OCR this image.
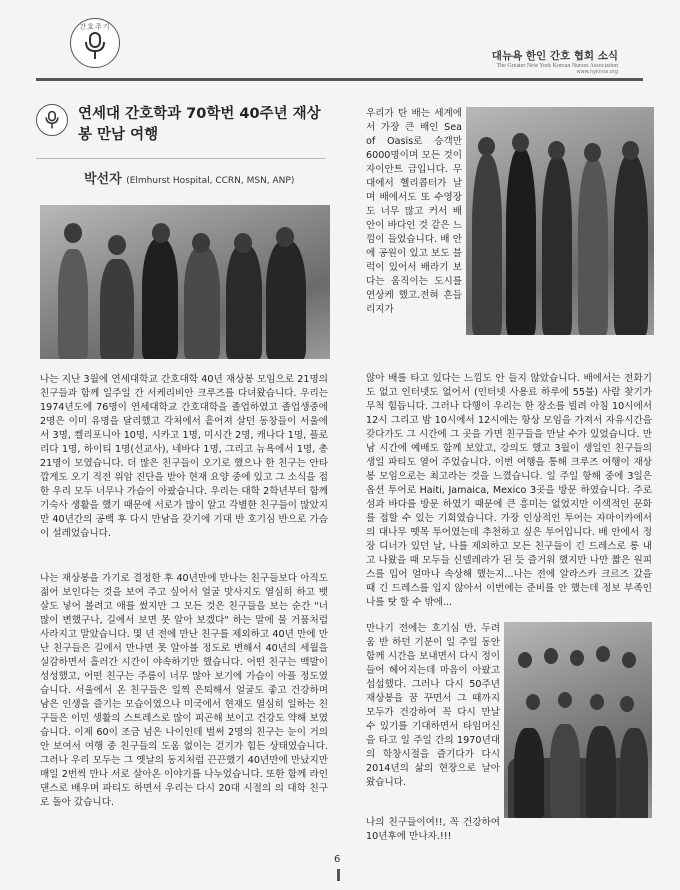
간호주기
대뉴욕 한인 간호 협회 소식
The Greater New York Korean Nurses Association
www.nyknna.org
연세대 간호학과 70학번 40주년 재상봉 만남 여행
박선자 (Elmhurst Hospital, CCRN, MSN, ANP)

나는 지난 3월에 연세대학교 간호대학 40년 재상봉 모임으로 21명의 친구들과 함께 일주일 간 서케리비안 크루즈를 다녀왔습니다. 우리는 1974년도에 76명이 연세대학교 간호대학을 졸업하였고 졸업생중에 2명은 이미 유명을 달리했고 각처에서 흩어져 살던 동창들이 서울에서 3명, 켈리포니아 10명, 시카고 1명, 미시간 2명, 캐나다 1명, 플로리다 1명, 하이티 1명(선교사), 네바다 1명, 그리고 뉴욕에서 1명, 총 21명이 모였습니다. 더 많은 친구들이 오기로 했으나 한 친구는 안타깝게도 오기 직전 위암 진단을 받아 현재 요양 중에 있고 그 소식을 접한 우리 모두 너무나 가슴이 아팠습니다. 우리는 대학 2학년부터 함께 기숙사 생활을 했기 때문에 서로가 많이 알고 각별한 친구들이 많았지만 40년간의 공백 후 다시 만남을 갖기에 기대 반 호기심 반으로 가슴이 설레었습니다.

나는 재상봉을 가기로 결정한 후 40년만에 만나는 친구들보다 아직도 젊어 보인다는 것을 보여 주고 싶어서 얼굴 맛사지도 열심히 하고 뱃살도 넣어 볼려고 애를 썼지만 그 모든 것은 친구들을 보는 순간 "너 많이 변했구나, 길에서 보면 못 알아 보겠다" 하는 말에 물 거품처럼 사라지고 말았습니다. 몇 년 전에 만난 친구를 제외하고 40년 만에 만난 친구들은 길에서 만나면 못 알아볼 정도로 변해서 40년의 세월을 실감하면서 흘러간 시간이 야속하기만 했습니다. 어떤 친구는 백발이 성성했고, 어떤 친구는 주름이 너무 많아 보기에 가슴이 아플 정도였습니다. 서울에서 온 친구들은 일찍 은퇴해서 얼굴도 좋고 건강하며 남은 인생을 즐기는 모습이였으나 미국에서 현재도 열심히 일하는 친구들은 이민 생활의 스트레스로 많이 피곤해 보이고 건강도 약해 보였습니다. 이제 60이 조금 넘은 나이인데 벌써 2명의 친구는 눈이 거의 안 보여서 여행 중 친구들의 도움 없이는 걷기가 힘든 상태였습니다. 그러나 우리 모두는 그 옛날의 동지처럼 끈끈했기 40년만에 만났지만 매일 2번씩 만나 서로 살아온 이야기를 나누었습니다. 또한 함께 라인 댄스로 배우며 파티도 하면서 우리는 다시 20대 시절의 의 대학 친구로 돌아 갔습니다.

우리가 탄 배는 세계에서 가장 큰 배인 Sea of Oasis로 승객만 6000명이며 모든 것이 자이안트 급입니다. 무대에서 헬리콥터가 날며 배에서도 또 수영장도 너무 많고 커서 배 안이 바다인 것 같은 느낌이 들었습니다. 배 안에 공원이 있고 보도 블럭이 있어서 배라기 보다는 움직이는 도시를 연상케 했고.전혀 흔들리지가

않아 배를 타고 있다는 느낌도 안 들지 않았습니다. 배에서는 전화기도 없고 인터넷도 없어서 (인터넷 사용료 하루에 55불) 사람 찾기가 무척 힘듭니다. 그러나 다행이 우리는 한 장소를 빌려 아침 10시에서 12시 그리고 밤 10시에서 12시에는 항상 모임을 가져서 자유시간을 갖다가도 그 시간에 그 곳을 가면 친구들을 만날 수가 있었습니다. 만남 시간에 예배도 함께 보았고, 강의도 했고 3월이 생일인 친구들의 생일 파티도 열어 주었습니다. 이번 여행을 통해 크루즈 여행이 재상봉 모임으로는 최고라는 것을 느꼈습니다. 일 주일 항해 중에 3일은 옵션 투어로 Haiti, Jamaica, Mexico 3곳을 방문 하였습니다. 주로 섬과 바다를 방문 하였기 때문에 큰 흥미는 없었지만 이색적인 문화를 접할 수 있는 기회였습니다. 가장 인상적인 투어는 자마이카에서의 대나무 뗏목 투어였는데 추천하고 싶은 투어입니다. 배 안에서 정장 디너가 있던 날, 나를 제외하고 모든 친구들이 긴 드레스로 롱 내고 나왔을 때 모두들 신델레라가 된 듯 즐거워 했지만 나만 짧은 원피스를 입어 얼마나 속상해 했는지...나는 전에 알라스카 크르즈 갔을 때 긴 드레스를 입지 않아서 이번에는 준비를 안 했는데 정보 부족인 나를 탓 할 수 밖에...

만나기 전에는 호기심 반, 두려움 반 하던 기분이 일 주일 동안 함께 시간을 보내면서 다시 정이 들어 헤어지는데 마음이 아팠고 섭섭했다. 그러나 다시 50주년 재상봉을 꿈 꾸면서 그 때까지 모두가 건강하여 꼭 다시 만날 수 있기를 기대하면서 타임머신을 타고 일 주일 간의 1970년대의 학창시절을 즐기다가 다시 2014년의 삶의 현장으로 날아 왔습니다.

나의 친구들이여!!, 꼭 건강하여 10년후에 만나자.!!!

6
